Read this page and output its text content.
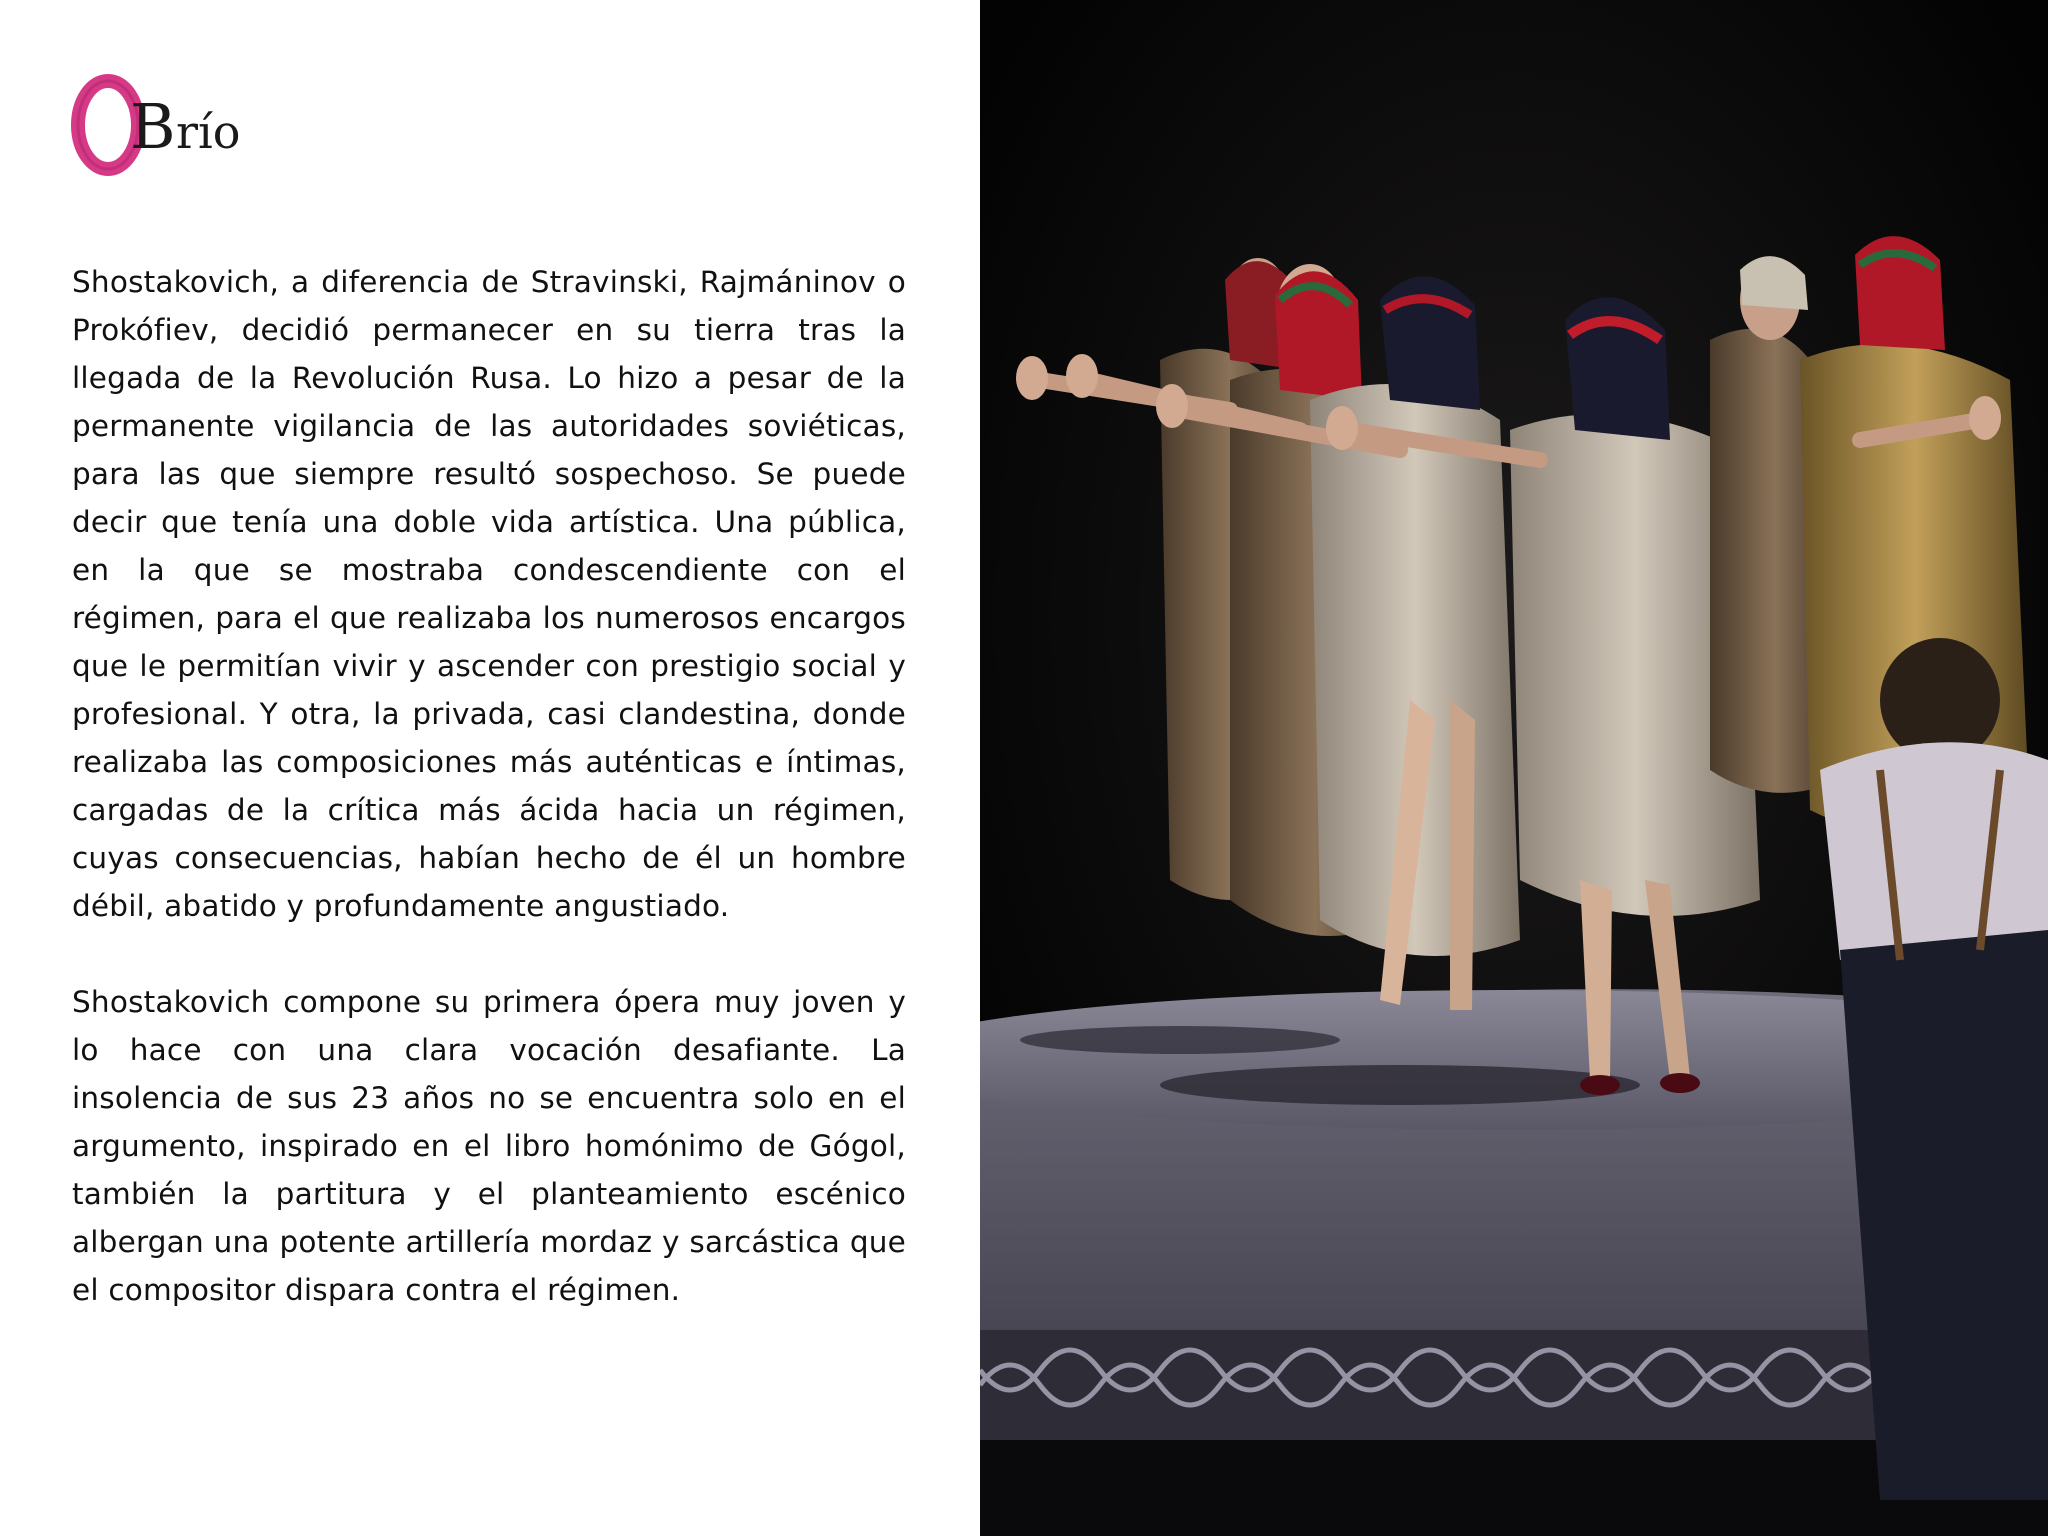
B río

Shostakovich, a diferencia de Stravinski, Rajmáninov o Prokófiev, decidió permanecer en su tierra tras la llegada de la Revolución Rusa. Lo hizo a pesar de la permanente vigilancia de las autoridades soviéticas, para las que siempre resultó sospechoso. Se puede decir que tenía una doble vida artística. Una pública, en la que se mostraba condescendiente con el régimen, para el que realizaba los numerosos encargos que le permitían vivir y ascender con prestigio social y profesional. Y otra, la privada, casi clandestina, donde realizaba las composiciones más auténticas e íntimas, cargadas de la crítica más ácida hacia un régimen, cuyas consecuencias, habían hecho de él un hombre débil, abatido y profundamente angustiado.

Shostakovich compone su primera ópera muy joven y lo hace con una clara vocación desafiante. La insolencia de sus 23 años no se encuentra solo en el argumento, inspirado en el libro homónimo de Gógol, también la partitura y el planteamiento escénico albergan una potente artillería mordaz y sarcástica que el compositor dispara contra el régimen.
